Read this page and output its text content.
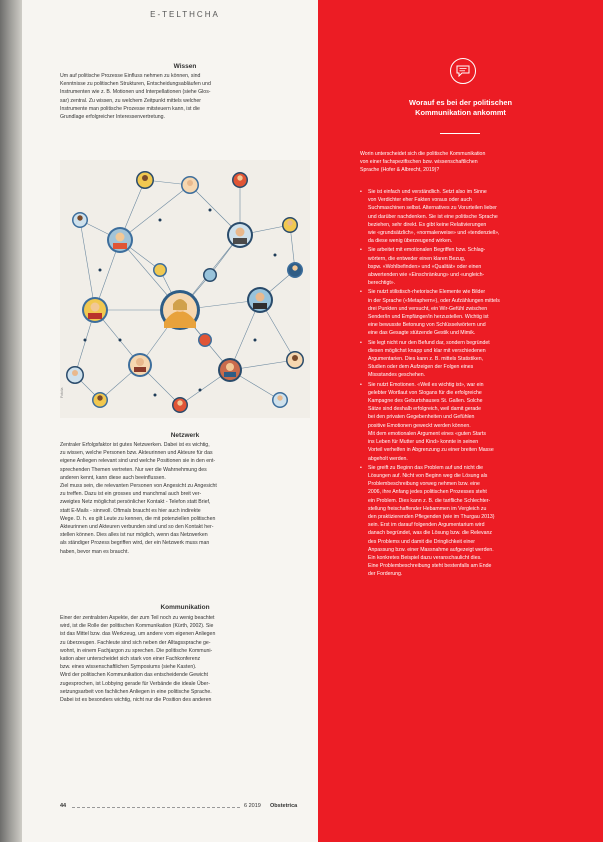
E-TELTHCHA
Wissen

Um auf politische Prozesse Einfluss nehmen zu können, sind

Kenntnisse zu politischen Strukturen, Entscheidungsabläufen und

Instrumenten wie z. B. Motionen und Interpellationen (siehe Glos-

sar) zentral. Zu wissen, zu welchem Zeitpunkt mittels welcher

Instrumente man politische Prozesse mitsteuern kann, ist die

Grundlage erfolgreicher Interessenvertretung.

Fotolia
Netzwerk

Zentraler Erfolgsfaktor ist gutes Netzwerken. Dabei ist es wichtig,

zu wissen, welche Personen bzw. Akteurinnen und Akteure für das

eigene Anliegen relevant sind und welche Positionen sie in den ent-

sprechenden Themen vertreten. Nur wer die Wahrnehmung des

anderen kennt, kann diese auch beeinflussen.

Ziel muss sein, die relevanten Personen von Angesicht zu Angesicht

zu treffen. Dazu ist ein grosses und manchmal auch breit ver-

zweigtes Netz möglichst persönlicher Kontakt - Telefon statt Brief,

statt E-Mails - sinnvoll. Oftmals braucht es hier auch indirekte

Wege. D. h. es gilt Leute zu kennen, die mit potenziellen politischen

Akteurinnen und Akteuren verbunden sind und so den Kontakt her-

stellen können. Dies alles ist nur möglich, wenn das Netzwerken

als ständiger Prozess begriffen wird, der ein Netzwerk muss man

haben, bevor man es braucht.

Kommunikation

Einer der zentralsten Aspekte, der zum Teil noch zu wenig beachtet

wird, ist die Rolle der politischen Kommunikation (Kürth, 2002). Sie

ist das Mittel bzw. das Werkzeug, um andere vom eigenen Anliegen

zu überzeugen. Fachleute sind sich neben der Alltagssprache ge-

wohnt, in einem Fachjargon zu sprechen. Die politische Kommuni-

kation aber unterscheidet sich stark von einer Fachkonferenz

bzw. eines wissenschaftlichen Symposiums (siehe Kasten).

Wird der politischen Kommunikation das entscheidende Gewicht

zugesprochen, ist Lobbying gerade für Verbände die ideale Über-

setzungsarbeit von fachlichen Anliegen in eine politische Sprache.

Dabei ist es besonders wichtig, nicht nur die Position des anderen

44	6 2019 Obstetrica
Worauf es bei der politischen
Kommunikation ankommt
Worin unterscheidet sich die politische Kommunikation
von einer fachspezifischen bzw. wissenschaftlichen
Sprache (Hofer & Albrecht, 2019)?
• Sie ist einfach und verständlich. Setzt also im Sinne
von Verdichter eher Fakten voraus oder auch
Suchmaschinen selbst. Alternatives zu Vorurteilen lieber
und darüber nachdenken. Sie ist eine politische Sprache
beziehen, sehr direkt. Es gibt keine Relativierungen
wie «grundsätzlich», «normalerweise» und «tendenziell»,
da diese wenig überzeugend wirken.
• Sie arbeitet mit emotionalen Begriffen bzw. Schlag-
wörtern, die entweder einen klaren Bezug,
bspw. «Wohlbefinden» und «Qualität» oder einen
abwertenden wie «Einschränkung» und «ungleich-
berechtigt».
• Sie nutzt stilistisch-rhetorische Elemente wie Bilder
in der Sprache («Metaphern»), oder Aufzählungen mittels
drei Punkten und versucht, ein Wir-Gefühl zwischen
Sender/in und Empfänger/in herzustellen. Wichtig ist
eine bewusste Betonung von Schlüsselwörtern und
eine das Gesagte stützende Gestik und Mimik.
• Sie legt nicht nur den Befund dar, sondern begründet
diesen möglichst knapp und klar mit verschiedenen
Argumentarien. Dies kann z. B. mittels Statistiken,
Studien oder dem Aufzeigen der Folgen eines
Missstandes geschehen.
• Sie nutzt Emotionen. «Weil es wichtig ist», war ein
gelebter Wortlaut von Slogans für die erfolgreiche
Kampagne des Geburtshauses St. Gallen. Solche
Sätze sind deshalb erfolgreich, weil damit gerade
bei den privaten Gegebenheiten und Gefühlen
positive Emotionen geweckt werden können.
Mit dem emotionalen Argument eines «guten Starts
ins Leben für Mutter und Kind» konnte in seinen
Vorteil verhelfen in Abgrenzung zu einer breiten Masse
abgeholt werden.
• Sie greift zu Beginn das Problem auf und nicht die
Lösungen auf. Nicht von Beginn weg die Lösung als
Problembeschreibung vorweg nehmen bzw. eine
2006, ihre Anfang jedes politischen Prozesses steht
ein Problem. Dies kann z. B. die tarifliche Schlechter-
stellung freischaffender Hebammen im Vergleich zu
den praktizierenden Pflegenden (wie im Thurgau 2013)
sein. Erst im darauf folgenden Argumentarium wird
danach begründet, was die Lösung bzw. die Relevanz
des Problems und damit die Dringlichkeit einer
Anpassung bzw. einer Massnahme aufgezeigt werden.
Ein konkretes Beispiel dazu veranschaulicht dies.
Eine Problembeschreibung steht bestenfalls am Ende
der Forderung.
